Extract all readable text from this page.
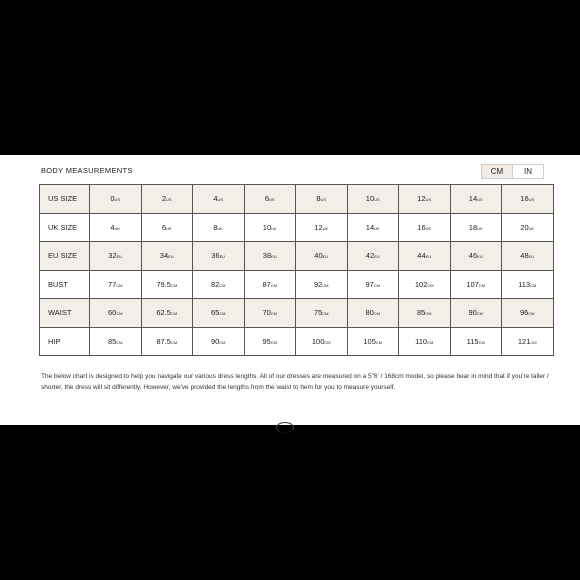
BODY MEASUREMENTS	CM	IN
US SIZE	0US	2US	4US	6US	8US	10US	12US	14US	16US
UK SIZE	4UK	6UK	8UK	10UK	12UK	14UK	16UK	18UK	20UK
EU SIZE	32EU	34EU	36EU	38EU	40EU	42EU	44EU	46EU	48EU
BUST	77CM	79.5CM	82CM	87CM	92CM	97CM	102CM	107CM	113CM
WAIST	60CM	62.5CM	65CM	70CM	75CM	80CM	85CM	90CM	96CM
HIP	85CM	87.5CM	90CM	95CM	100CM	105CM	110CM	115CM	121CM
The below chart is designed to help you navigate our various dress lengths. All of our dresses are measured on a 5"6' / 168cm model, so please bear in mind that if you're taller / shorter, the dress will sit differently. However, we've provided the lengths from the waist to hem for you to measure yourself.
